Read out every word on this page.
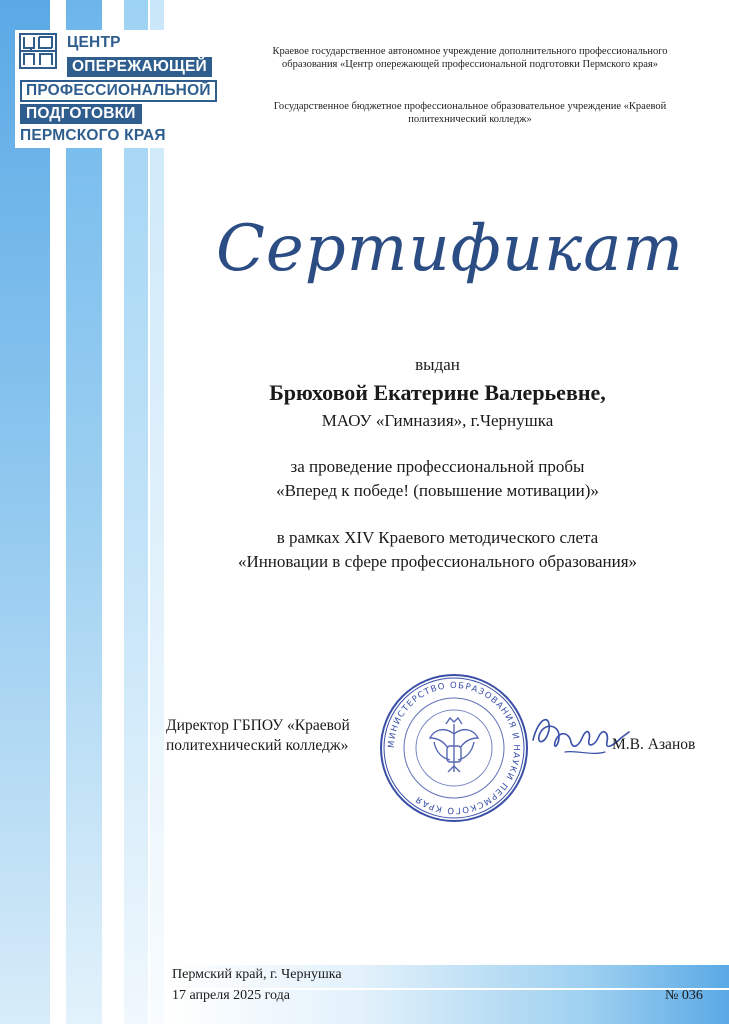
ЦЕНТР
ОПЕРЕЖАЮЩЕЙ
ПРОФЕССИОНАЛЬНОЙ
ПОДГОТОВКИ
ПЕРМСКОГО КРАЯ
Краевое государственное автономное учреждение дополнительного профессионального образования «Центр опережающей профессиональной подготовки Пермского края»
Государственное бюджетное профессиональное образовательное учреждение «Краевой политехнический колледж»
Сертификат
выдан
Брюховой Екатерине Валерьевне,
МАОУ «Гимназия», г.Чернушка
за проведение профессиональной пробы
«Вперед к победе! (повышение мотивации)»
в рамках XIV Краевого методического слета
«Инновации в сфере профессионального образования»
Директор ГБПОУ «Краевой
политехнический колледж»	МИНИСТЕРСТВО ОБРАЗОВАНИЯ И НАУКИ ПЕРМСКОГО КРАЯ
М.В. Азанов
Пермский край, г. Чернушка
17 апреля 2025 года	№ 036
